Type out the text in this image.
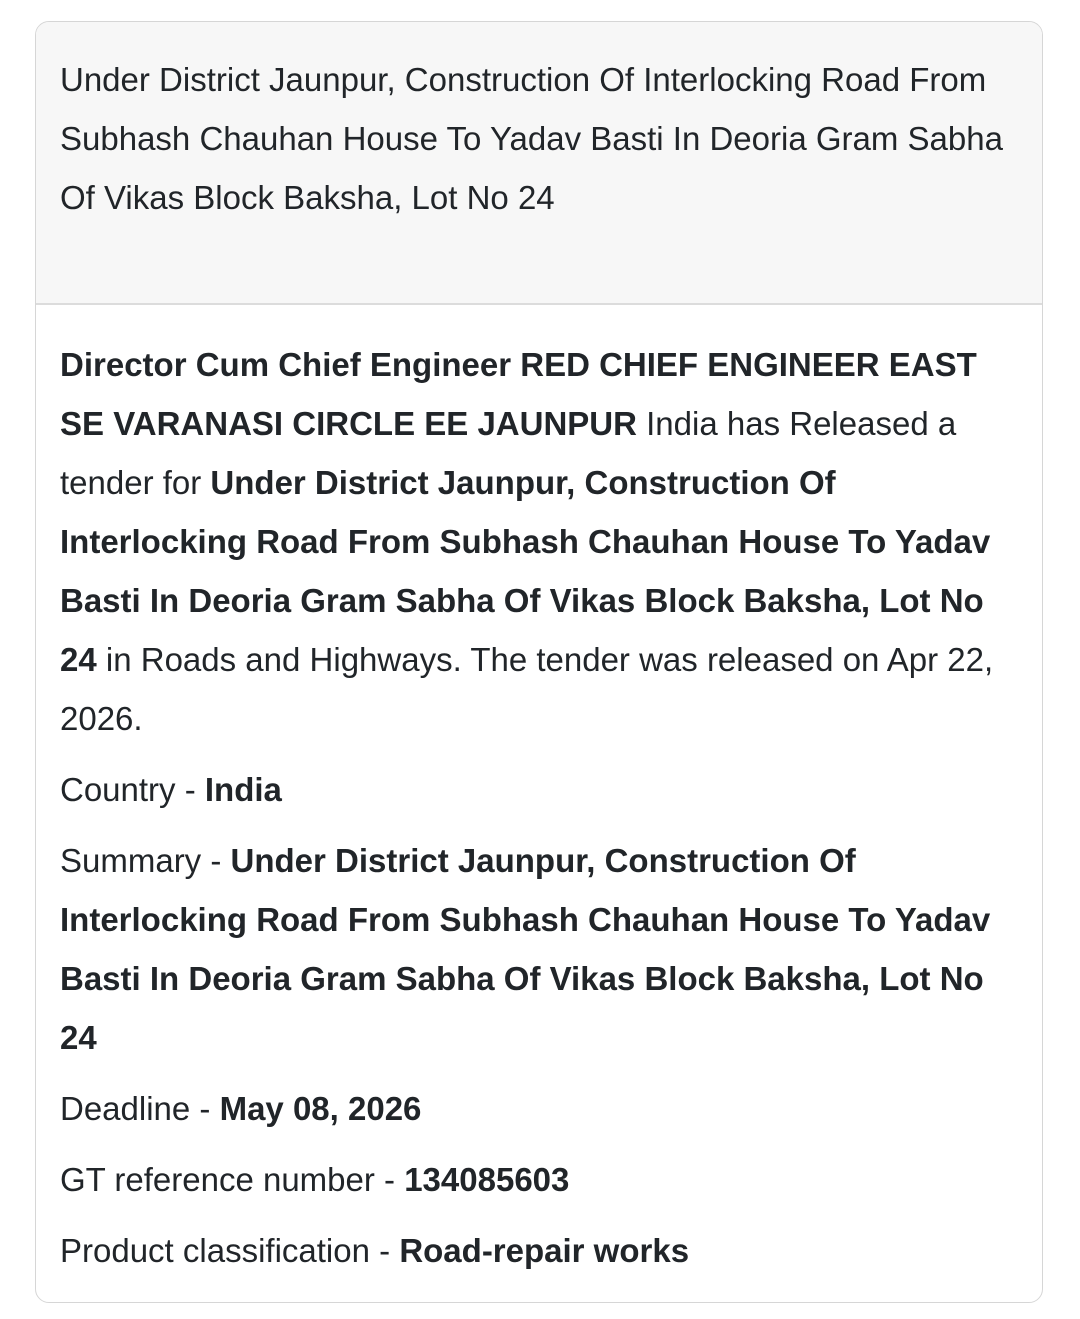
Under District Jaunpur, Construction Of Interlocking Road From Subhash Chauhan House To Yadav Basti In Deoria Gram Sabha Of Vikas Block Baksha, Lot No 24

Director Cum Chief Engineer RED CHIEF ENGINEER EAST SE VARANASI CIRCLE EE JAUNPUR India has Released a tender for Under District Jaunpur, Construction Of Interlocking Road From Subhash Chauhan House To Yadav Basti In Deoria Gram Sabha Of Vikas Block Baksha, Lot No 24 in Roads and Highways. The tender was released on Apr 22, 2026.

Country - India

Summary - Under District Jaunpur, Construction Of Interlocking Road From Subhash Chauhan House To Yadav Basti In Deoria Gram Sabha Of Vikas Block Baksha, Lot No 24

Deadline - May 08, 2026

GT reference number - 134085603

Product classification - Road-repair works
